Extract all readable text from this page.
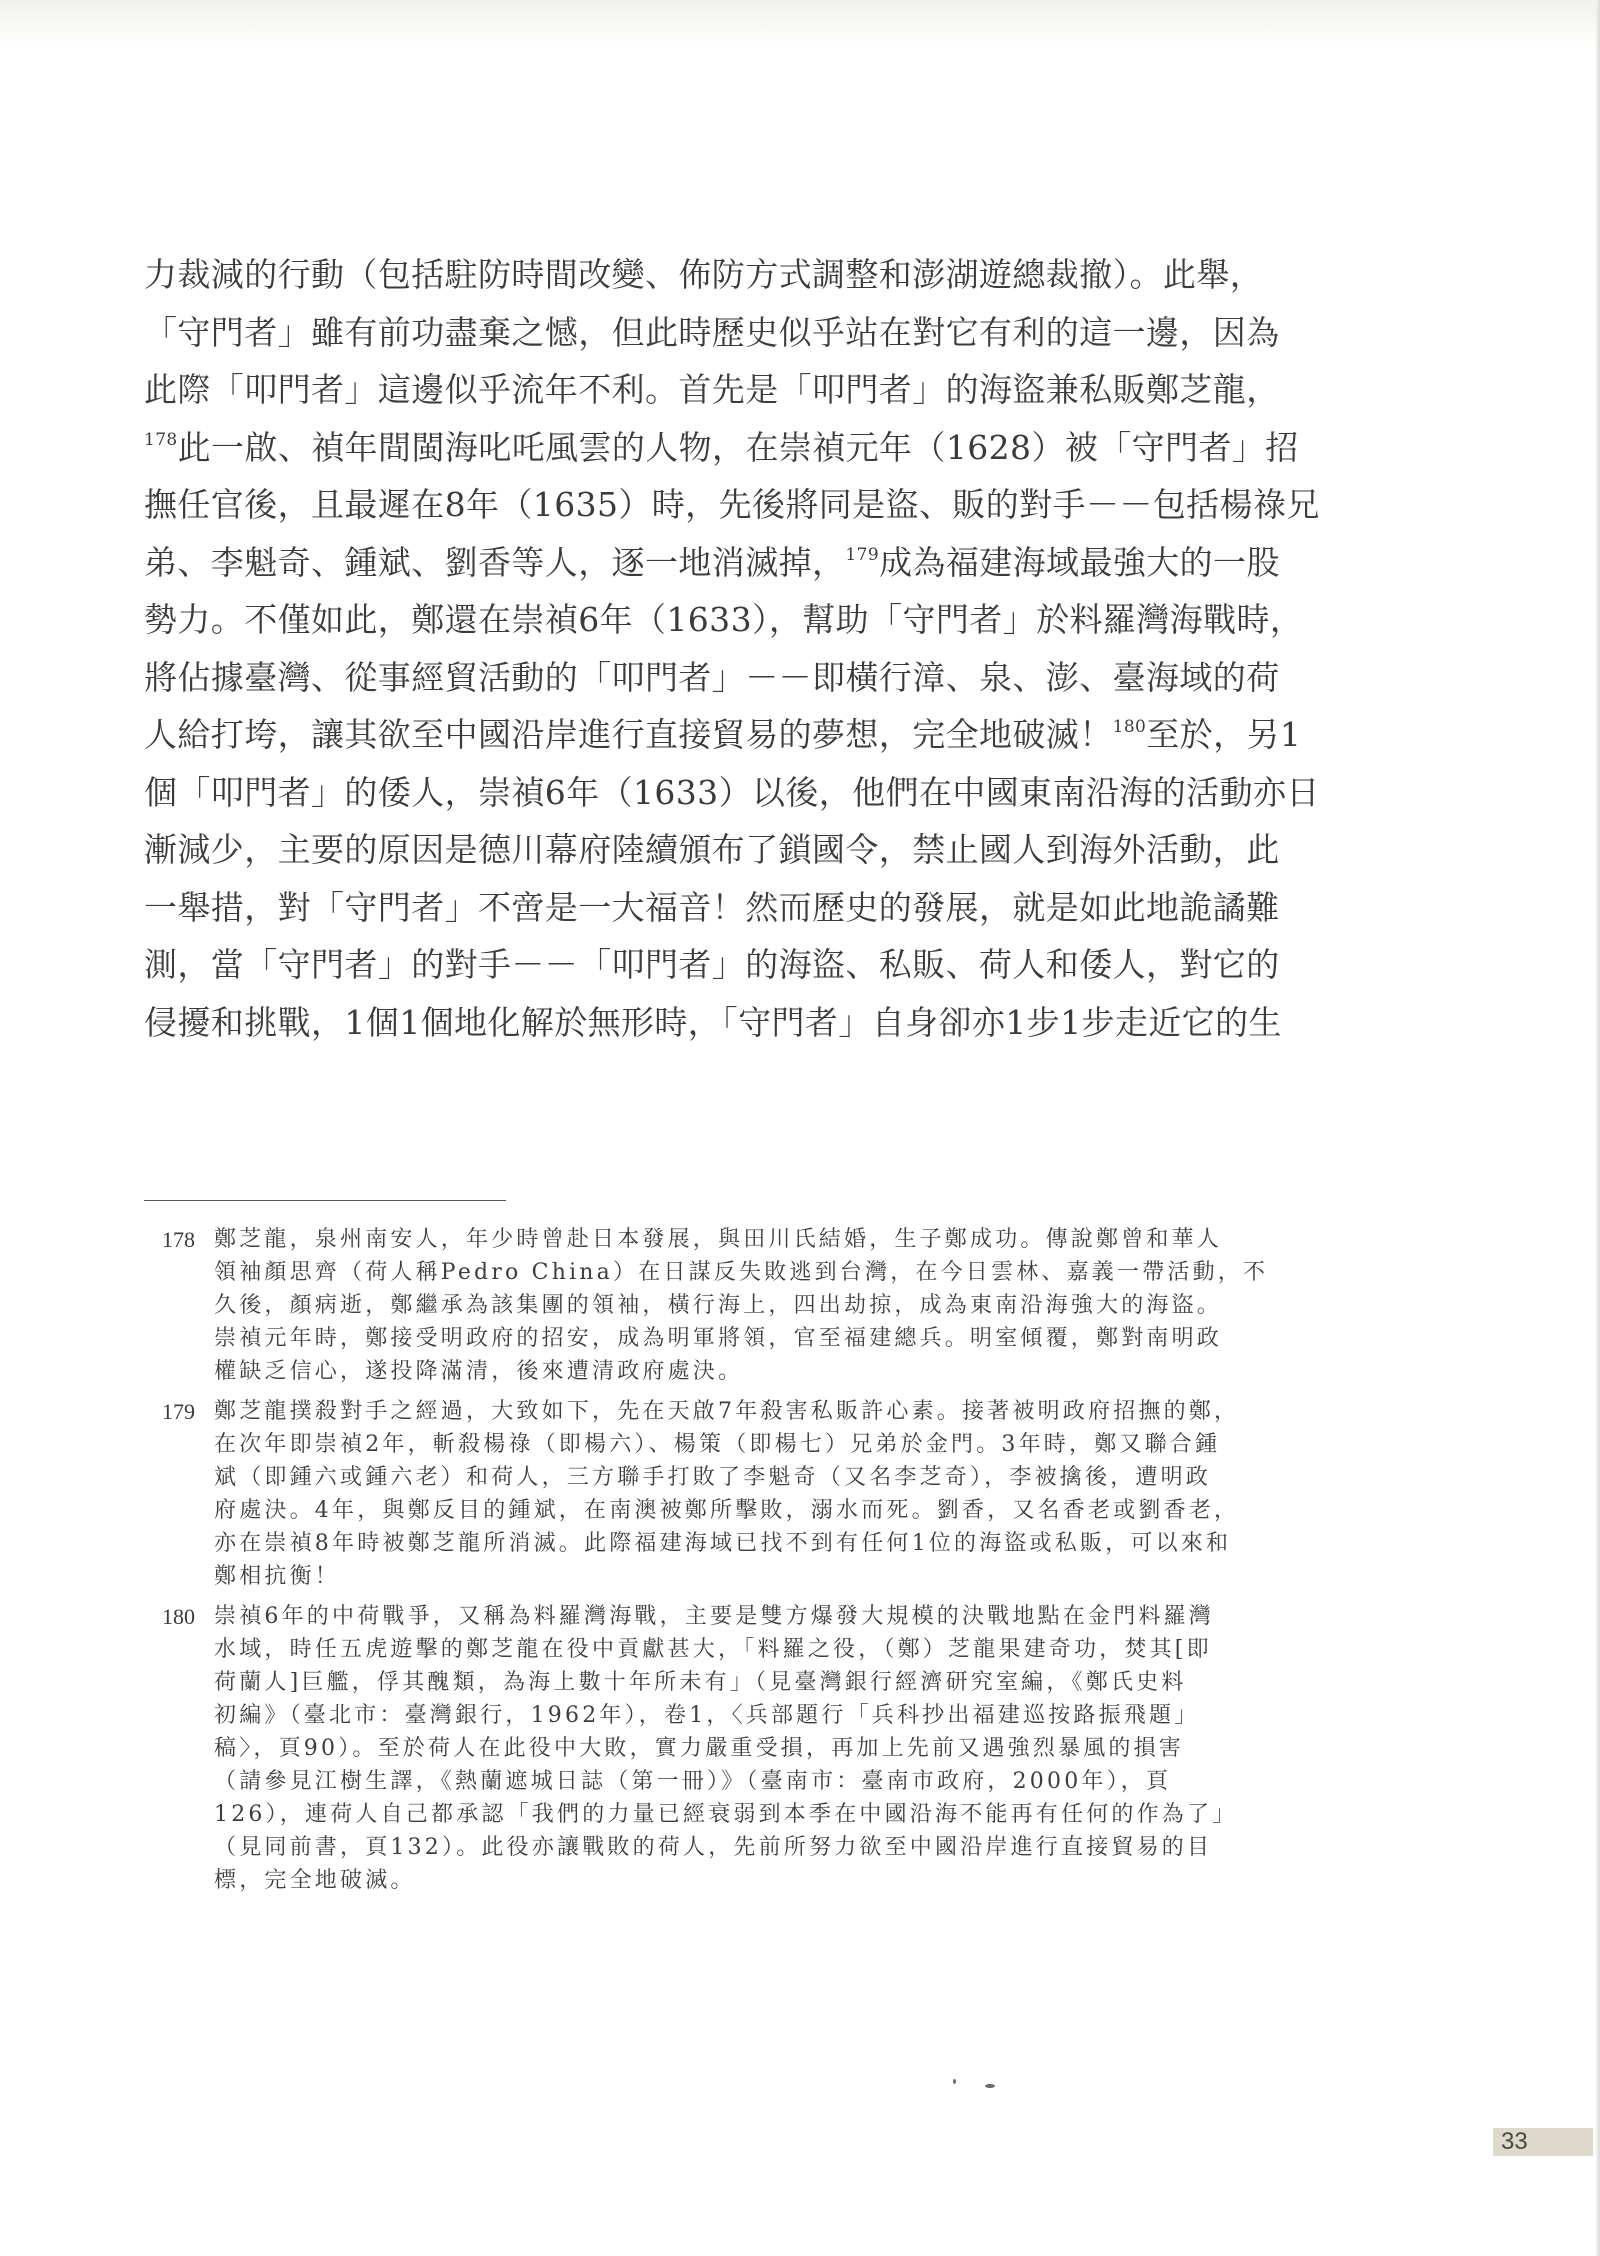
力裁減的行動（包括駐防時間改變、佈防方式調整和澎湖遊總裁撤）。此舉，
「守門者」雖有前功盡棄之憾，但此時歷史似乎站在對它有利的這一邊，因為
此際「叩門者」這邊似乎流年不利。首先是「叩門者」的海盜兼私販鄭芝龍，
$^{178}$此一啟、禎年間閩海叱吒風雲的人物，在崇禎元年（1628）被「守門者」招
撫任官後，且最遲在8年（1635）時，先後將同是盜、販的對手－－包括楊祿兄
弟、李魁奇、鍾斌、劉香等人，逐一地消滅掉，$^{179}$成為福建海域最強大的一股
勢力。不僅如此，鄭還在崇禎6年（1633），幫助「守門者」於料羅灣海戰時，
將佔據臺灣、從事經貿活動的「叩門者」－－即橫行漳、泉、澎、臺海域的荷
人給打垮，讓其欲至中國沿岸進行直接貿易的夢想，完全地破滅！$^{180}$至於，另1
個「叩門者」的倭人，崇禎6年（1633）以後，他們在中國東南沿海的活動亦日
漸減少，主要的原因是德川幕府陸續頒布了鎖國令，禁止國人到海外活動，此
一舉措，對「守門者」不啻是一大福音！然而歷史的發展，就是如此地詭譎難
測，當「守門者」的對手－－「叩門者」的海盜、私販、荷人和倭人，對它的
侵擾和挑戰，1個1個地化解於無形時，「守門者」自身卻亦1步1步走近它的生
178 鄭芝龍，泉州南安人，年少時曾赴日本發展，與田川氏結婚，生子鄭成功。傳說鄭曾和華人
領袖顏思齊（荷人稱Pedro China）在日謀反失敗逃到台灣，在今日雲林、嘉義一帶活動，不
久後，顏病逝，鄭繼承為該集團的領袖，橫行海上，四出劫掠，成為東南沿海強大的海盜。
崇禎元年時，鄭接受明政府的招安，成為明軍將領，官至福建總兵。明室傾覆，鄭對南明政
權缺乏信心，遂投降滿清，後來遭清政府處決。
179 鄭芝龍撲殺對手之經過，大致如下，先在天啟7年殺害私販許心素。接著被明政府招撫的鄭，
在次年即崇禎2年，斬殺楊祿（即楊六）、楊策（即楊七）兄弟於金門。3年時，鄭又聯合鍾
斌（即鍾六或鍾六老）和荷人，三方聯手打敗了李魁奇（又名李芝奇），李被擒後，遭明政
府處決。4年，與鄭反目的鍾斌，在南澳被鄭所擊敗，溺水而死。劉香，又名香老或劉香老，
亦在崇禎8年時被鄭芝龍所消滅。此際福建海域已找不到有任何1位的海盜或私販，可以來和
鄭相抗衡！
180 崇禎6年的中荷戰爭，又稱為料羅灣海戰，主要是雙方爆發大規模的決戰地點在金門料羅灣
水域，時任五虎遊擊的鄭芝龍在役中貢獻甚大，「料羅之役，（鄭）芝龍果建奇功，焚其[即
荷蘭人]巨艦，俘其醜類，為海上數十年所未有」（見臺灣銀行經濟研究室編，《鄭氏史料
初編》（臺北市：臺灣銀行，1962年），卷1，〈兵部題行「兵科抄出福建巡按路振飛題」
稿〉，頁90）。至於荷人在此役中大敗，實力嚴重受損，再加上先前又遇強烈暴風的損害
（請參見江樹生譯，《熱蘭遮城日誌（第一冊）》（臺南市：臺南市政府，2000年），頁
126），連荷人自己都承認「我們的力量已經衰弱到本季在中國沿海不能再有任何的作為了」
（見同前書，頁132）。此役亦讓戰敗的荷人，先前所努力欲至中國沿岸進行直接貿易的目
標，完全地破滅。
33
